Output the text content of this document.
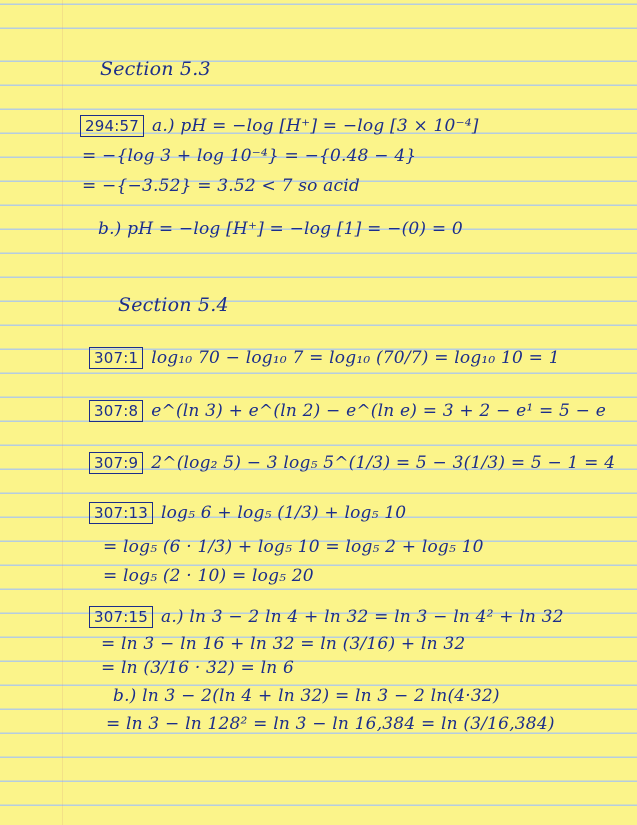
Section 5.3
294:57 a.) pH = −log [H⁺] = −log [3 × 10⁻⁴]
= −{log 3 + log 10⁻⁴} = −{0.48 − 4}
= −{−3.52} = 3.52 < 7 so acid
b.) pH = −log [H⁺] = −log [1] = −(0) = 0
Section 5.4
307:1 log₁₀ 70 − log₁₀ 7 = log₁₀ (70/7) = log₁₀ 10 = 1
307:8 e^(ln 3) + e^(ln 2) − e^(ln e) = 3 + 2 − e¹ = 5 − e
307:9 2^(log₂ 5) − 3 log₅ 5^(1/3) = 5 − 3(1/3) = 5 − 1 = 4
307:13 log₅ 6 + log₅ (1/3) + log₅ 10
= log₅ (6 · 1/3) + log₅ 10 = log₅ 2 + log₅ 10
= log₅ (2 · 10) = log₅ 20
307:15 a.) ln 3 − 2 ln 4 + ln 32 = ln 3 − ln 4² + ln 32
= ln 3 − ln 16 + ln 32 = ln (3/16) + ln 32
= ln (3/16 · 32) = ln 6
b.) ln 3 − 2(ln 4 + ln 32) = ln 3 − 2 ln(4·32)
= ln 3 − ln 128² = ln 3 − ln 16,384 = ln (3/16,384)
